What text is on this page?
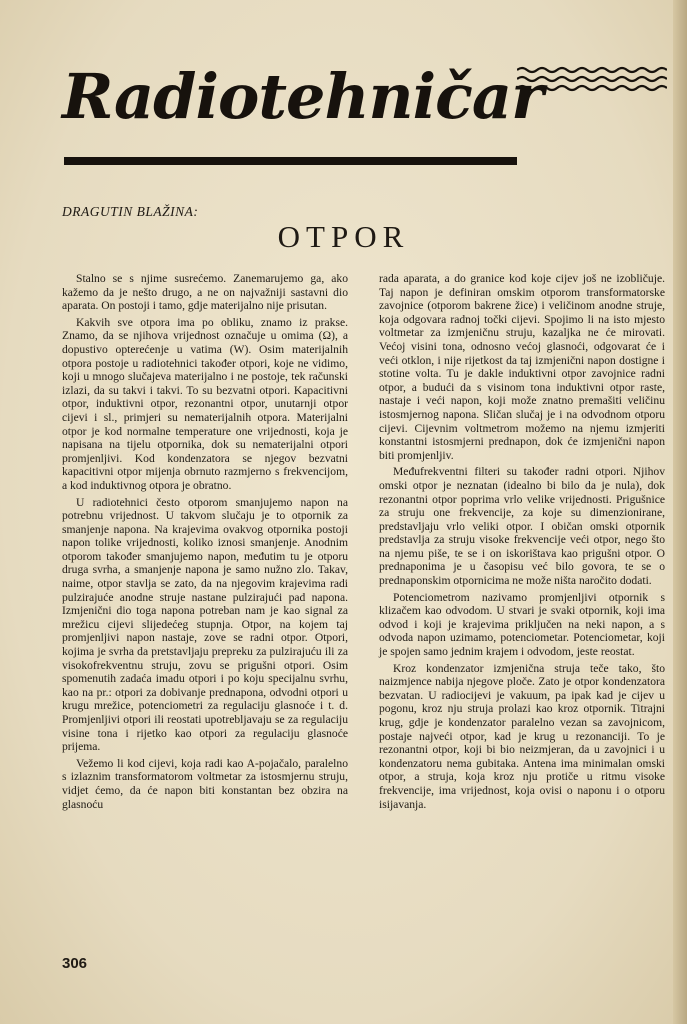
Radiotehničar
DRAGUTIN BLAŽINA:
OTPOR

Stalno se s njime susrećemo. Zanemarujemo ga, ako kažemo da je nešto drugo, a ne on najvažniji sastavni dio aparata. On postoji i tamo, gdje materijalno nije prisutan.

Kakvih sve otpora ima po obliku, znamo iz prakse. Znamo, da se njihova vrijednost označuje u omima (Ω), a dopustivo opterećenje u vatima (W). Osim materijalnih otpora postoje u radiotehnici također otpori, koje ne vidimo, koji u mnogo slučajeva materijalno i ne postoje, tek računski izlazi, da su takvi i takvi. To su bezvatni otpori. Kapacitivni otpor, induktivni otpor, rezonantni otpor, unutarnji otpor cijevi i sl., primjeri su nematerijalnih otpora. Materijalni otpor je kod normalne temperature one vrijednosti, koja je napisana na tijelu otpornika, dok su nematerijalni otpori promjenljivi. Kod kondenzatora se njegov bezvatni kapacitivni otpor mijenja obrnuto razmjerno s frekvencijom, a kod induktivnog otpora je obratno.

U radiotehnici često otporom smanjujemo napon na potrebnu vrijednost. U takvom slučaju je to otpornik za smanjenje napona. Na krajevima ovakvog otpornika postoji napon tolike vrijednosti, koliko iznosi smanjenje. Anodnim otporom također smanjujemo napon, međutim tu je otporu druga svrha, a smanjenje napona je samo nužno zlo. Takav, naime, otpor stavlja se zato, da na njegovim krajevima radi pulzirajuće anodne struje nastane pulzirajući pad napona. Izmjenični dio toga napona potreban nam je kao signal za mrežicu cijevi slijedećeg stupnja. Otpor, na kojem taj promjenljivi napon nastaje, zove se radni otpor. Otpori, kojima je svrha da pretstavljaju prepreku za pulzirajuću ili za visokofrekventnu struju, zovu se prigušni otpori. Osim spomenutih zadaća imadu otpori i po koju specijalnu svrhu, kao na pr.: otpori za dobivanje prednapona, odvodni otpori u krugu mrežice, potenciometri za regulaciju glasnoće i t. d. Promjenljivi otpori ili reostati upotrebljavaju se za regulaciju visine tona i rijetko kao otpori za regulaciju glasnoće prijema.

Vežemo li kod cijevi, koja radi kao A-pojačalo, paralelno s izlaznim transformatorom voltmetar za istosmjernu struju, vidjet ćemo, da će napon biti konstantan bez obzira na glasnoću

rada aparata, a do granice kod koje cijev još ne izobličuje. Taj napon je definiran omskim otporom transformatorske zavojnice (otporom bakrene žice) i veličinom anodne struje, koja odgovara radnoj točki cijevi. Spojimo li na isto mjesto voltmetar za izmjeničnu struju, kazaljka ne će mirovati. Većoj visini tona, odnosno većoj glasnoći, odgovarat će i veći otklon, i nije rijetkost da taj izmjenični napon dostigne i stotine volta. Tu je dakle induktivni otpor zavojnice radni otpor, a budući da s visinom tona induktivni otpor raste, nastaje i veći napon, koji može znatno premašiti veličinu istosmjernog napona. Sličan slučaj je i na odvodnom otporu cijevi. Cijevnim voltmetrom možemo na njemu izmjeriti konstantni istosmjerni prednapon, dok će izmjenični napon biti promjenljiv.

Međufrekventni filteri su također radni otpori. Njihov omski otpor je neznatan (idealno bi bilo da je nula), dok rezonantni otpor poprima vrlo velike vrijednosti. Prigušnice za struju one frekvencije, za koje su dimenzionirane, predstavljaju vrlo veliki otpor. I običan omski otpornik predstavlja za struju visoke frekvencije veći otpor, nego što na njemu piše, te se i on iskorištava kao prigušni otpor. O prednaponima je u časopisu već bilo govora, te se o prednaponskim otpornicima ne može ništa naročito dodati.

Potenciometrom nazivamo promjenljivi otpornik s klizačem kao odvodom. U stvari je svaki otpornik, koji ima odvod i koji je krajevima priključen na neki napon, a s odvoda napon uzimamo, potenciometar. Potenciometar, koji je spojen samo jednim krajem i odvodom, jeste reostat.

Kroz kondenzator izmjenična struja teče tako, što naizmjence nabija njegove ploče. Zato je otpor kondenzatora bezvatan. U radiocijevi je vakuum, pa ipak kad je cijev u pogonu, kroz nju struja prolazi kao kroz otpornik. Titrajni krug, gdje je kondenzator paralelno vezan sa zavojnicom, postaje najveći otpor, kad je krug u rezonanciji. To je rezonantni otpor, koji bi bio neizmjeran, da u zavojnici i u kondenzatoru nema gubitaka. Antena ima minimalan omski otpor, a struja, koja kroz nju protiče u ritmu visoke frekvencije, ima vrijednost, koja ovisi o naponu i o otporu isijavanja.

306
